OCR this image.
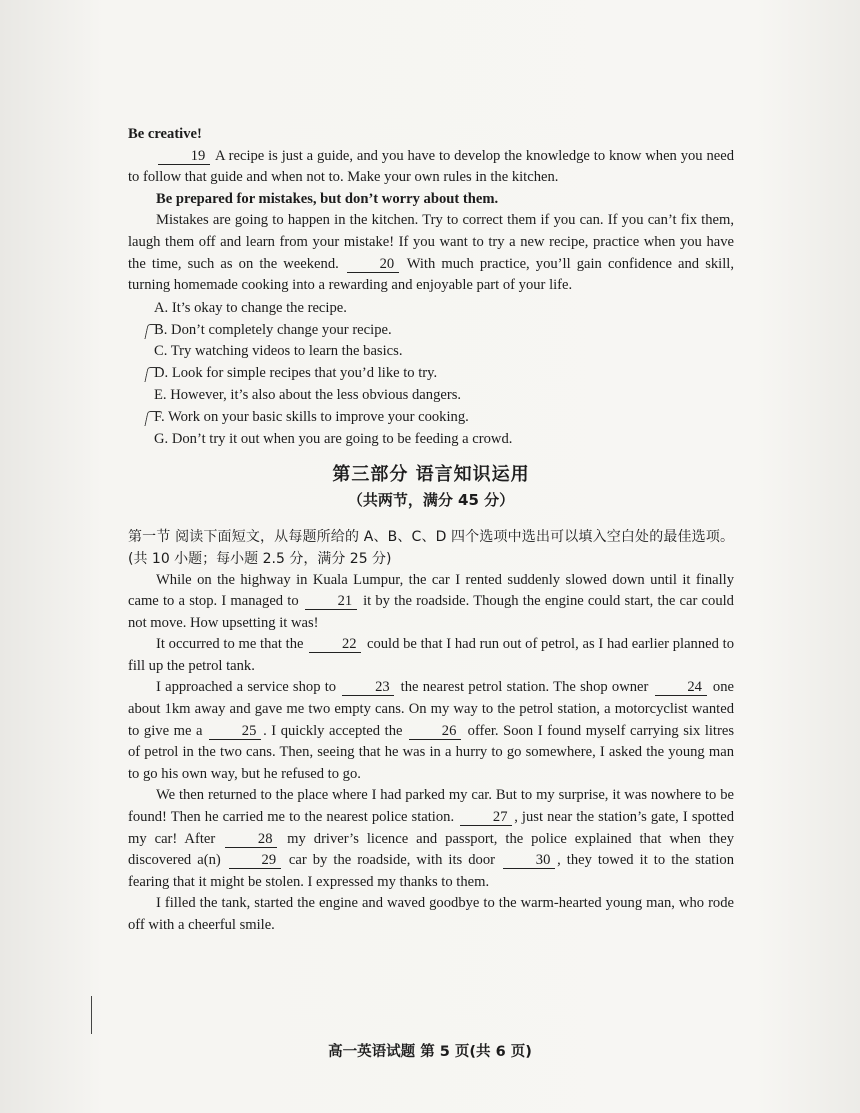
Be creative!

19 A recipe is just a guide, and you have to develop the knowledge to know when you need to follow that guide and when not to. Make your own rules in the kitchen.

Be prepared for mistakes, but don’t worry about them.

Mistakes are going to happen in the kitchen. Try to correct them if you can. If you can’t fix them, laugh them off and learn from your mistake! If you want to try a new recipe, practice when you have the time, such as on the weekend.	20 With much practice, you’ll gain confidence and skill, turning homemade cooking into a rewarding and enjoyable part of your life.

A. It’s okay to change the recipe.
B. Don’t completely change your recipe.
C. Try watching videos to learn the basics.
D. Look for simple recipes that you’d like to try.
E. However, it’s also about the less obvious dangers.
F. Work on your basic skills to improve your cooking.
G. Don’t try it out when you are going to be feeding a crowd.
第三部分 语言知识运用
（共两节，满分 45 分）

第一节 阅读下面短文，从每题所给的 A、B、C、D 四个选项中选出可以填入空白处的最佳选项。(共 10 小题；每小题 2.5 分，满分 25 分)

While on the highway in Kuala Lumpur, the car I rented suddenly slowed down until it finally came to a stop. I managed to	21 it by the roadside. Though the engine could start, the car could not move. How upsetting it was!

It occurred to me that the	22 could be that I had run out of petrol, as I had earlier planned to fill up the petrol tank.

I approached a service shop to	23 the nearest petrol station. The shop owner	24 one about 1km away and gave me two empty cans. On my way to the petrol station, a motorcyclist wanted to give me a	25 . I quickly accepted the	26 offer. Soon I found myself carrying six litres of petrol in the two cans. Then, seeing that he was in a hurry to go somewhere, I asked the young man to go his own way, but he refused to go.

We then returned to the place where I had parked my car. But to my surprise, it was nowhere to be found! Then he carried me to the nearest police station.	27 , just near the station’s gate, I spotted my car! After	28 my driver’s licence and passport, the police explained that when they discovered a(n)	29 car by the roadside, with its door	30 , they towed it to the station fearing that it might be stolen. I expressed my thanks to them.

I filled the tank, started the engine and waved goodbye to the warm-hearted young man, who rode off with a cheerful smile.

高一英语试题 第 5 页(共 6 页)
